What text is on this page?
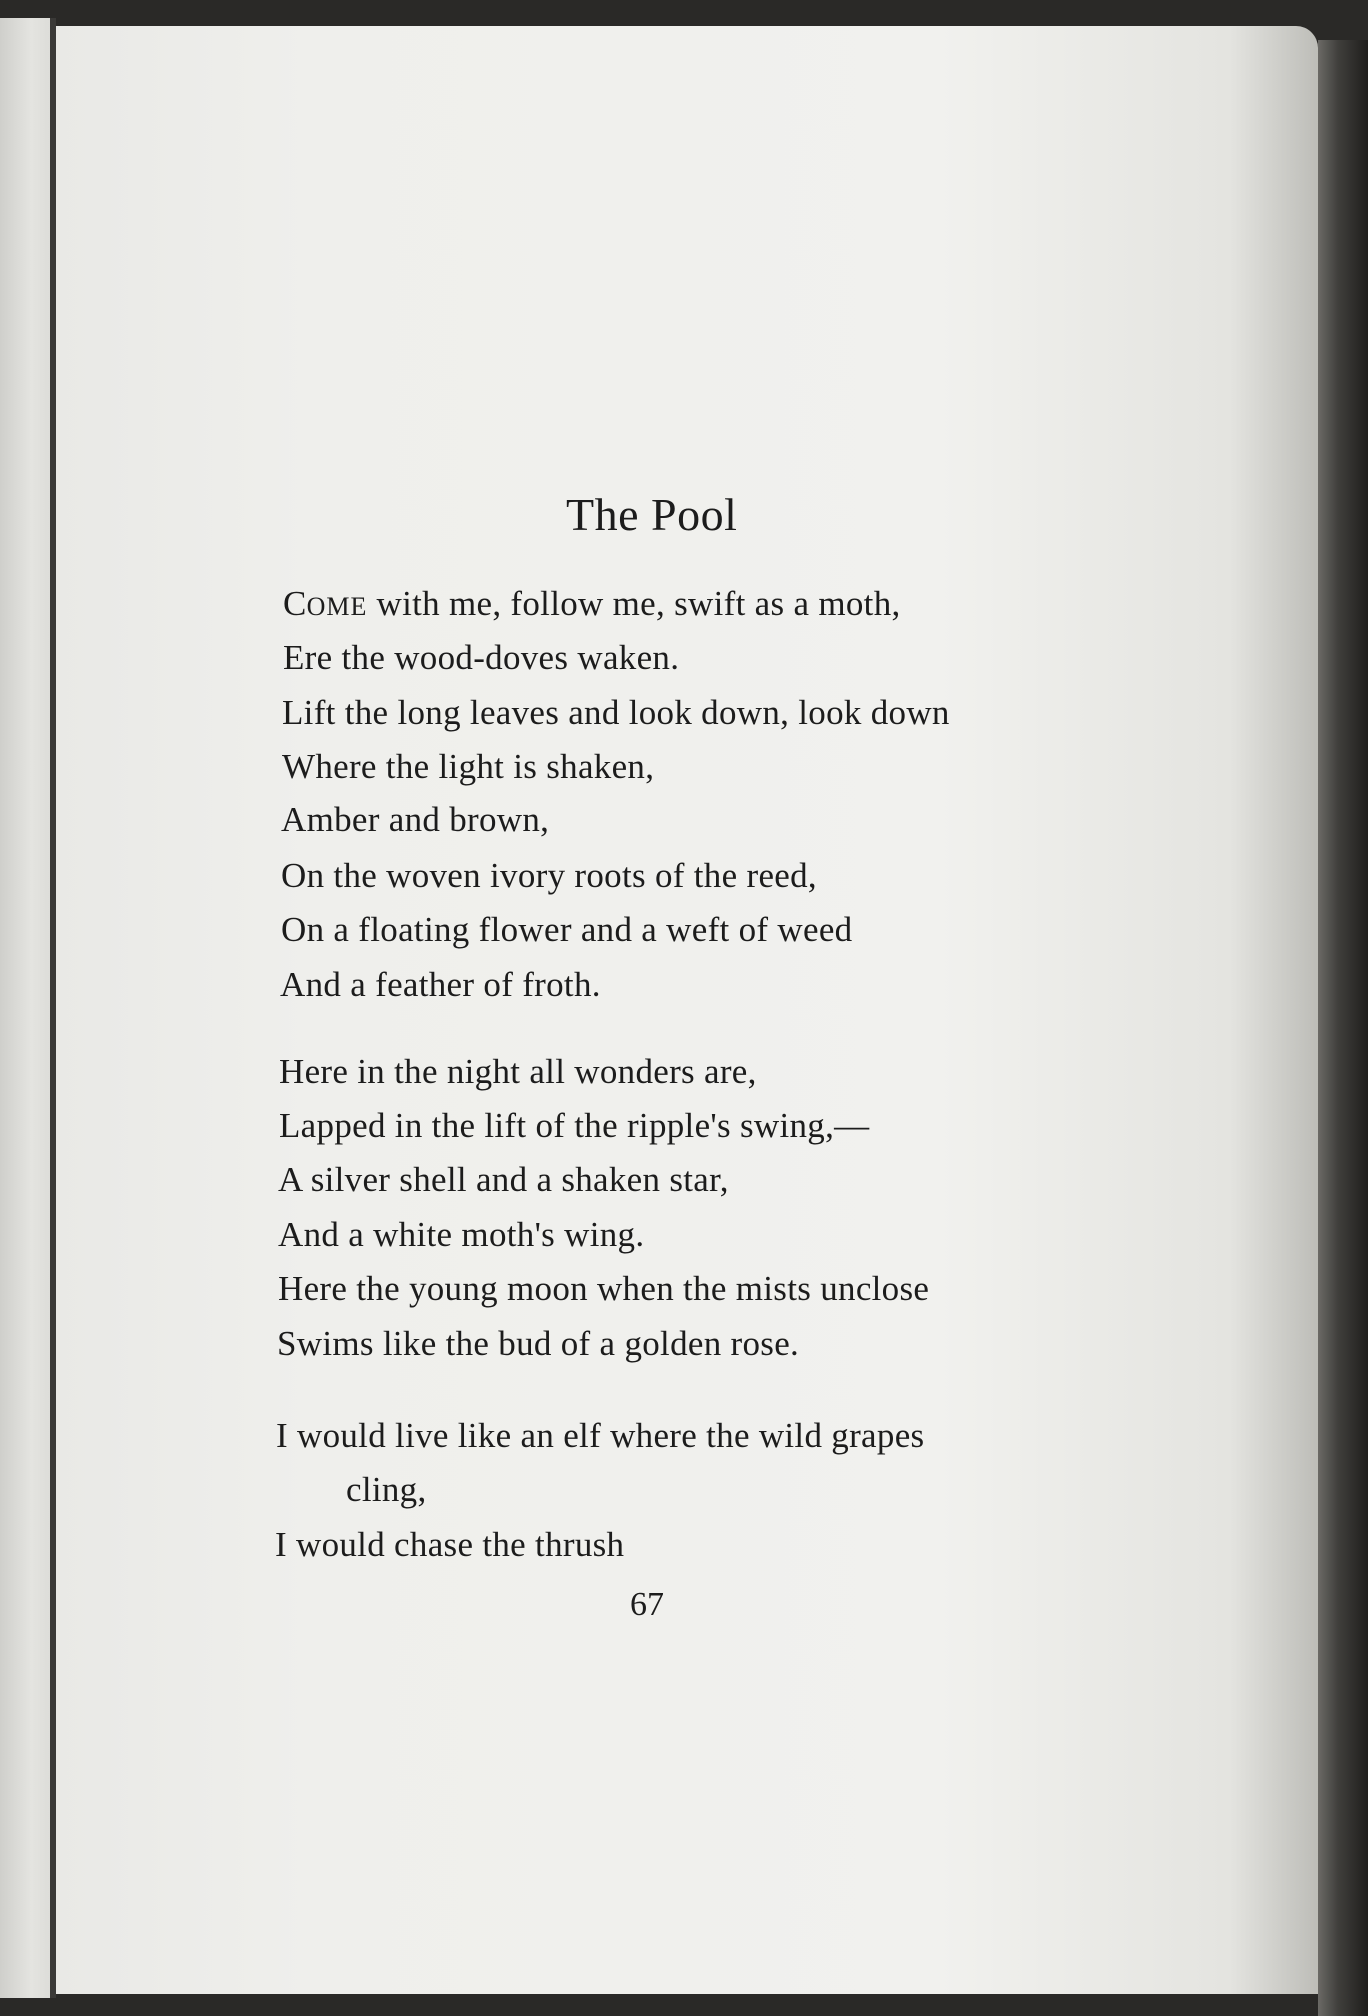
The Pool
COME with me, follow me, swift as a moth,
Ere the wood-doves waken.
Lift the long leaves and look down, look down
Where the light is shaken,
Amber and brown,
On the woven ivory roots of the reed,
On a floating flower and a weft of weed
And a feather of froth.
Here in the night all wonders are,
Lapped in the lift of the ripple's swing,—
A silver shell and a shaken star,
And a white moth's wing.
Here the young moon when the mists unclose
Swims like the bud of a golden rose.
I would live like an elf where the wild grapes
cling,
I would chase the thrush
67
